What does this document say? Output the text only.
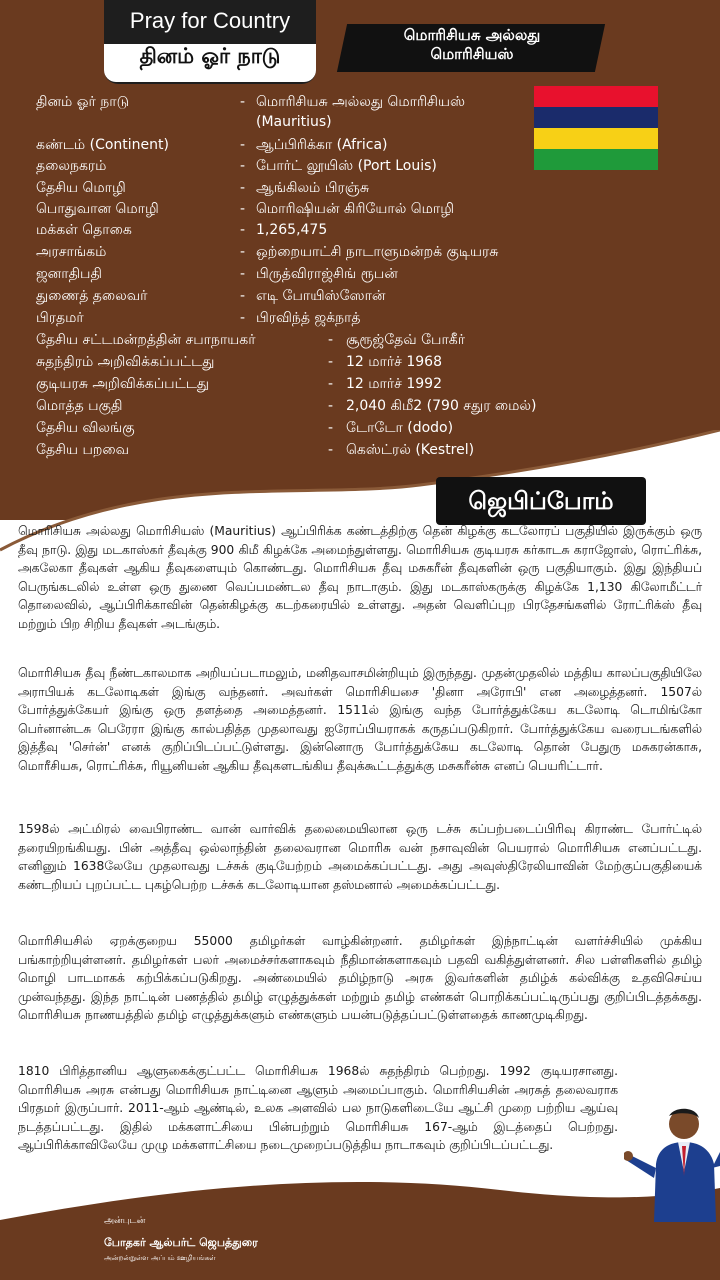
Pray for Country
தினம் ஓர் நாடு
மொரிசியசு அல்லது
மொரிசியஸ்
தினம் ஓர் நாடு	- மொரிசியசு அல்லது மொரிசியஸ்
(Mauritius)
கண்டம் (Continent)	- ஆப்பிரிக்கா (Africa)
தலைநகரம்	- போர்ட் லூயிஸ் (Port Louis)
தேசிய மொழி	- ஆங்கிலம் பிரஞ்சு
பொதுவான மொழி	- மொரிஷியன் கிரியோல் மொழி
மக்கள் தொகை	- 1,265,475
அரசாங்கம்	- ஒற்றையாட்சி நாடாளுமன்றக் குடியரசு
ஜனாதிபதி	- பிருத்விராஜ்சிங் ரூபன்
துணைத் தலைவர்	- எடி போயிஸ்ஸோன்
பிரதமர்	- பிரவிந்த் ஜக்நாத்
தேசிய சட்டமன்றத்தின் சபாநாயகர்	- சூரூஜ்தேவ் போகீர்
சுதந்திரம் அறிவிக்கப்பட்டது	- 12 மார்ச் 1968
குடியரசு அறிவிக்கப்பட்டது	- 12 மார்ச் 1992
மொத்த பகுதி	- 2,040 கிமீ2 (790 சதுர மைல்)
தேசிய விலங்கு	- டோடோ (dodo)
தேசிய பறவை	- கெஸ்ட்ரல் (Kestrel)
ஜெபிப்போம்

மொரிசியசு அல்லது மொரிசியஸ் (Mauritius) ஆப்பிரிக்க கண்டத்திற்கு தென் கிழக்கு கடலோரப் பகுதியில் இருக்கும் ஒரு தீவு நாடு. இது மடகாஸ்கர் தீவுக்கு 900 கிமீ கிழக்கே அமைந்துள்ளது. மொரிசியசு குடியரசு கர்காடசு கராஜோஸ், ரொட்ரிக்சு, அகலேகா தீவுகள் ஆகிய தீவுகளையும் கொண்டது. மொரிசியசு தீவு மசுகரீன் தீவுகளின் ஒரு பகுதியாகும். இது இந்தியப் பெருங்கடலில் உள்ள ஒரு துணை வெப்பமண்டல தீவு நாடாகும். இது மடகாஸ்கருக்கு கிழக்கே 1,130 கிலோமீட்டர் தொலைவில், ஆப்பிரிக்காவின் தென்கிழக்கு கடற்கரையில் உள்ளது. அதன் வெளிப்புற பிரதேசங்களில் ரோட்ரிக்ஸ் தீவு மற்றும் பிற சிறிய தீவுகள் அடங்கும்.

மொரிசியசு தீவு நீண்டகாலமாக அறியப்படாமலும், மனிதவாசமின்றியும் இருந்தது. முதன்முதலில் மத்திய காலப்பகுதியிலே அராபியக் கடலோடிகள் இங்கு வந்தனர். அவர்கள் மொரிசியசை 'தினா அரோபி' என அழைத்தனர். 1507ல் போர்த்துக்கேயர் இங்கு ஒரு தளத்தை அமைத்தனர். 1511ல் இங்கு வந்த போர்த்துக்கேய கடலோடி டொமிங்கோ பெர்னான்டசு பெரேரா இங்கு கால்பதித்த முதலாவது ஐரோப்பியராகக் கருதப்படுகிறார். போர்த்துக்கேய வரைபடங்களில் இத்தீவு 'செர்ன்' எனக் குறிப்பிடப்பட்டுள்ளது. இன்னொரு போர்த்துக்கேய கடலோடி தொன் பேதுரு மசுகரன்காசு, மொரீசியசு, ரொட்ரிக்சு, ரியூனியன் ஆகிய தீவுகளடங்கிய தீவுக்கூட்டத்துக்கு மசுகரீன்சு எனப் பெயரிட்டார்.

1598ல் அட்மிரல் வைபிராண்ட வான் வார்விக் தலைமையிலான ஒரு டச்சு கப்பற்படைப்பிரிவு கிராண்ட போர்ட்டில் தரையிறங்கியது. பின் அத்தீவு ஒல்லாந்தின் தலைவரான மொரிசு வன் நசாவுவின் பெயரால் மொரிசியசு எனப்பட்டது. எனினும் 1638லேயே முதலாவது டச்சுக் குடியேற்றம் அமைக்கப்பட்டது. அது அவுஸ்திரேலியாவின் மேற்குப்பகுதியைக் கண்டறியப் புறப்பட்ட புகழ்பெற்ற டச்சுக் கடலோடியான தஸ்மனால் அமைக்கப்பட்டது.

மொரிசியசில் ஏறக்குறைய 55000 தமிழர்கள் வாழ்கின்றனர். தமிழர்கள் இந்நாட்டின் வளர்ச்சியில் முக்கிய பங்காற்றியுள்ளனர். தமிழர்கள் பலர் அமைச்சர்களாகவும் நீதிமான்களாகவும் பதவி வகித்துள்ளனர். சில பள்ளிகளில் தமிழ் மொழி பாடமாகக் கற்பிக்கப்படுகிறது. அண்மையில் தமிழ்நாடு அரசு இவர்களின் தமிழ்க் கல்விக்கு உதவிசெய்ய முன்வந்தது. இந்த நாட்டின் பணத்தில் தமிழ் எழுத்துக்கள் மற்றும் தமிழ் எண்கள் பொறிக்கப்பட்டிருப்பது குறிப்பிடத்தக்கது. மொரிசியசு நாணயத்தில் தமிழ் எழுத்துக்களும் எண்களும் பயன்படுத்தப்பட்டுள்ளதைக் காணமுடிகிறது.

1810 பிரித்தானிய ஆளுகைக்குட்பட்ட மொரிசியசு 1968ல் சுதந்திரம் பெற்றது. 1992 குடியரசானது. மொரிசியசு அரசு என்பது மொரிசியசு நாட்டினை ஆளும் அமைப்பாகும். மொரிசியசின் அரசுத் தலைவராக பிரதமர் இருப்பார். 2011-ஆம் ஆண்டில், உலக அளவில் பல நாடுகளிடையே ஆட்சி முறை பற்றிய ஆய்வு நடத்தப்பட்டது. இதில் மக்களாட்சியை பின்பற்றும் மொரிசியசு 167-ஆம் இடத்தைப் பெற்றது. ஆப்பிரிக்காவிலேயே முழு மக்களாட்சியை நடைமுறைப்படுத்திய நாடாகவும் குறிப்பிடப்பட்டது.

அன்புடன்
போதகர் ஆல்பர்ட் ஜெபத்துரை
அன்றன்றுள்ள அப்பம் ஊழியங்கள்
